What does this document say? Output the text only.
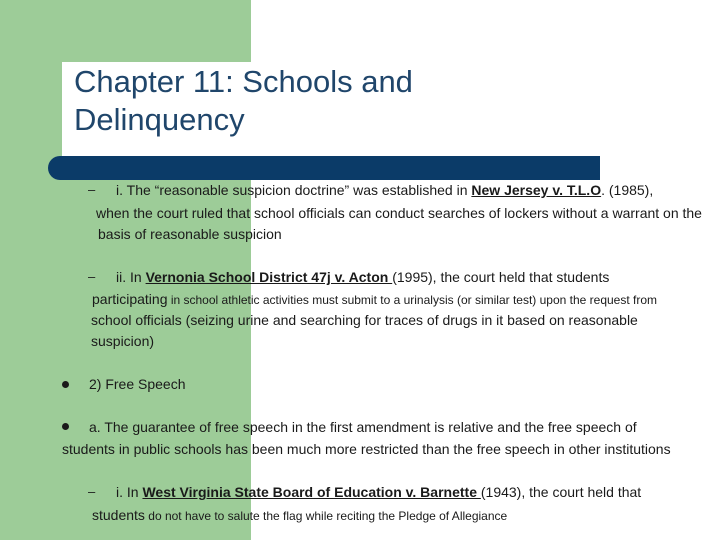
Chapter 11: Schools and Delinquency
– i. The “reasonable suspicion doctrine” was established in New Jersey v. T.L.O. (1985),
when the court ruled that school officials can conduct searches of lockers without a warrant on the
basis of reasonable suspicion
– ii. In Vernonia School District 47j v. Acton (1995), the court held that students
participating in school athletic activities must submit to a urinalysis (or similar test) upon the request from
school officials (seizing urine and searching for traces of drugs in it based on reasonable
suspicion)
2) Free Speech
a. The guarantee of free speech in the first amendment is relative and the free speech of
students in public schools has been much more restricted than the free speech in other institutions
– i. In West Virginia State Board of Education v. Barnette (1943), the court held that
students do not have to salute the flag while reciting the Pledge of Allegiance
